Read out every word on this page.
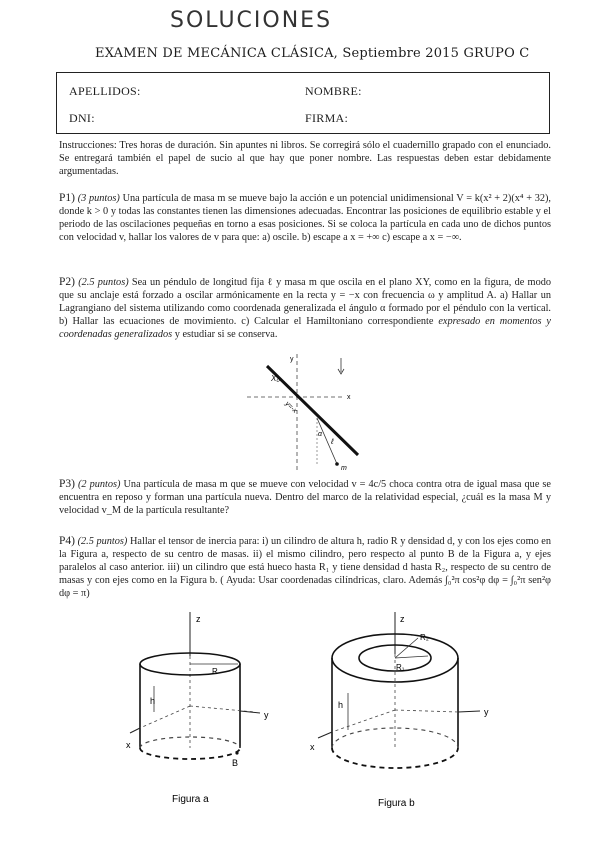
SOLUCIONES
EXAMEN DE MECÁNICA CLÁSICA, Septiembre 2015 GRUPO C
APELLIDOS:	NOMBRE:
DNI:	FIRMA:
Instrucciones: Tres horas de duración. Sin apuntes ni libros. Se corregirá sólo el cuadernillo grapado con el enunciado. Se entregará también el papel de sucio al que hay que poner nombre. Las respuestas deben estar debidamente argumentadas.
P1) (3 puntos) Una partícula de masa m se mueve bajo la acción e un potencial unidimensional V = k(x² + 2)(x⁴ + 32), donde k > 0 y todas las constantes tienen las dimensiones adecuadas. Encontrar las posiciones de equilibrio estable y el periodo de las oscilaciones pequeñas en torno a esas posiciones. Si se coloca la partícula en cada uno de dichos puntos con velocidad v, hallar los valores de v para que: a) oscile. b) escape a x = +∞ c) escape a x = −∞.
P2) (2.5 puntos) Sea un péndulo de longitud fija ℓ y masa m que oscila en el plano XY, como en la figura, de modo que su anclaje está forzado a oscilar armónicamente en la recta y = −x con frecuencia ω y amplitud A. a) Hallar un Lagrangiano del sistema utilizando como coordenada generalizada el ángulo α formado por el péndulo con la vertical. b) Hallar las ecuaciones de movimiento. c) Calcular el Hamiltoniano correspondiente expresado en momentos y coordenadas generalizados y estudiar si se conserva.
y
x
X₀
y=-x
ℓ
α
m
P3) (2 puntos) Una partícula de masa m que se mueve con velocidad v = 4c/5 choca contra otra de igual masa que se encuentra en reposo y forman una partícula nueva. Dentro del marco de la relatividad especial, ¿cuál es la masa M y velocidad v_M de la partícula resultante?
P4) (2.5 puntos) Hallar el tensor de inercia para: i) un cilindro de altura h, radio R y densidad d, y con los ejes como en la Figura a, respecto de su centro de masas. ii) el mismo cilindro, pero respecto al punto B de la Figura a, y ejes paralelos al caso anterior. iii) un cilindro que está hueco hasta R₁ y tiene densidad d hasta R₂, respecto de su centro de masas y con ejes como en la Figura b. ( Ayuda: Usar coordenadas cilíndricas, claro. Además ∫₀²π cos²φ dφ = ∫₀²π sen²φ dφ = π)
z
y
x
h
R
B
Figura a
z
y
x
h
R₁
R₂
Figura b
